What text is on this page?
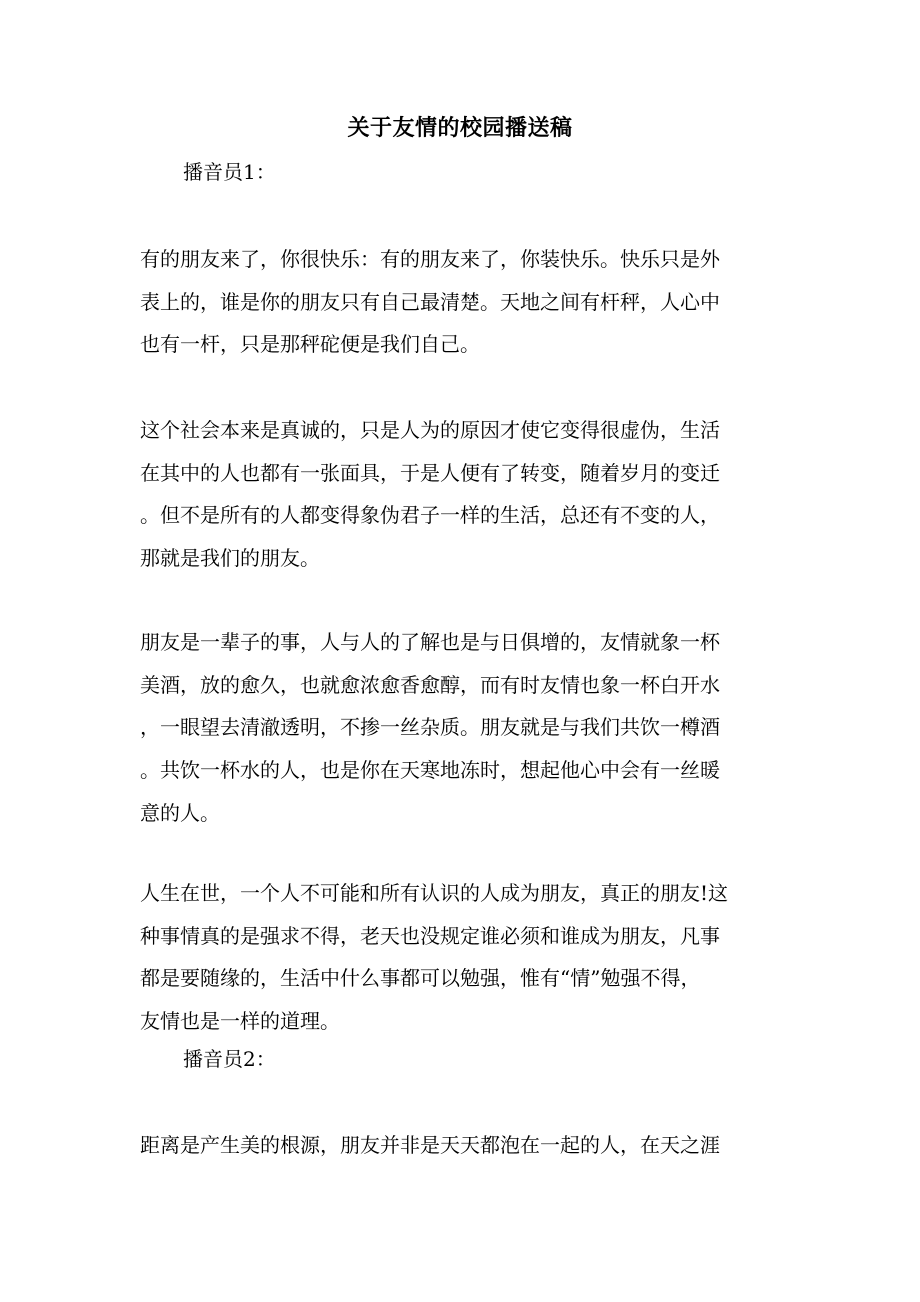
关于友情的校园播送稿
播音员1：
有的朋友来了，你很快乐：有的朋友来了，你装快乐。快乐只是外
表上的，谁是你的朋友只有自己最清楚。天地之间有杆秤，人心中
也有一杆，只是那秤砣便是我们自己。
这个社会本来是真诚的，只是人为的原因才使它变得很虚伪，生活
在其中的人也都有一张面具，于是人便有了转变，随着岁月的变迁
。但不是所有的人都变得象伪君子一样的生活，总还有不变的人，
那就是我们的朋友。
朋友是一辈子的事，人与人的了解也是与日俱增的，友情就象一杯
美酒，放的愈久，也就愈浓愈香愈醇，而有时友情也象一杯白开水
，一眼望去清澈透明，不掺一丝杂质。朋友就是与我们共饮一樽酒
。共饮一杯水的人，也是你在天寒地冻时，想起他心中会有一丝暖
意的人。
人生在世，一个人不可能和所有认识的人成为朋友，真正的朋友!这
种事情真的是强求不得，老天也没规定谁必须和谁成为朋友，凡事
都是要随缘的，生活中什么事都可以勉强，惟有“情”勉强不得，
友情也是一样的道理。
播音员2：
距离是产生美的根源，朋友并非是天天都泡在一起的人，在天之涯
